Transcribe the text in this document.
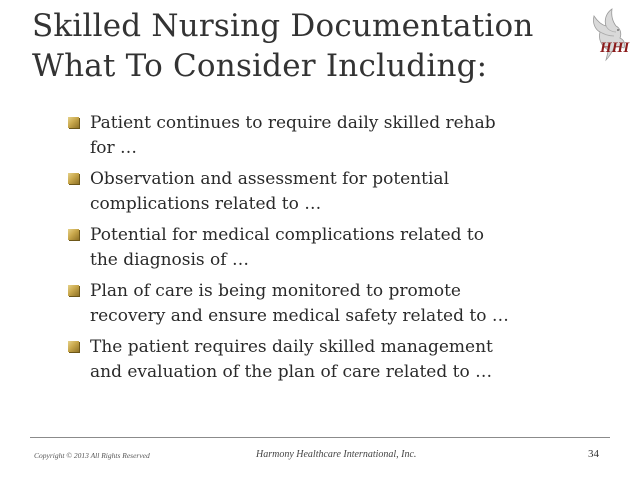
Skilled Nursing Documentation
What To Consider Including:	HHI
Patient continues to require daily skilled rehab
for …
Observation and assessment for potential
complications related to …
Potential for medical complications related to
the diagnosis of …
Plan of care is being monitored to promote
recovery and ensure medical safety related to …
The patient requires daily skilled management
and evaluation of the plan of care related to …
Copyright © 2013 All Rights Reserved	Harmony Healthcare International, Inc.	34
